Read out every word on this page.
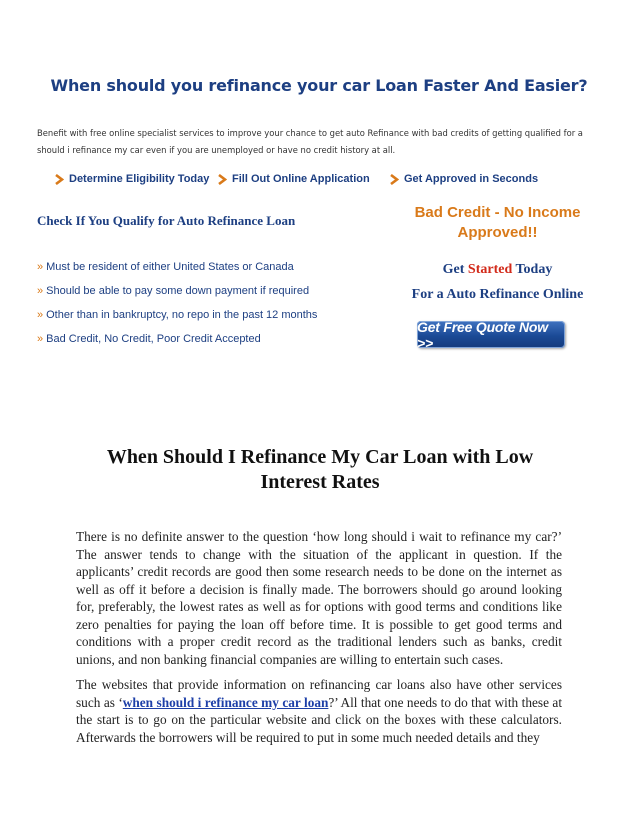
When should you refinance your car Loan Faster And Easier?
Benefit with free online specialist services to improve your chance to get auto Refinance with bad credits of getting qualified for a should i refinance my car even if you are unemployed or have no credit history at all.
Determine Eligibility Today Fill Out Online Application	Get Approved in Seconds
Check If You Qualify for Auto Refinance Loan
» Must be resident of either United States or Canada
» Should be able to pay some down payment if required
» Other than in bankruptcy, no repo in the past 12 months
» Bad Credit, No Credit, Poor Credit Accepted
Bad Credit - No Income
Approved!!
Get Started Today
For a Auto Refinance Online
Get Free Quote Now >>
When Should I Refinance My Car Loan with Low
Interest Rates

There is no definite answer to the question ‘how long should i wait to refinance my car?’ The answer tends to change with the situation of the applicant in question. If the applicants’ credit records are good then some research needs to be done on the internet as well as off it before a decision is finally made. The borrowers should go around looking for, preferably, the lowest rates as well as for options with good terms and conditions like zero penalties for paying the loan off before time. It is possible to get good terms and conditions with a proper credit record as the traditional lenders such as banks, credit unions, and non banking financial companies are willing to entertain such cases.

The websites that provide information on refinancing car loans also have other services such as ‘when should i refinance my car loan?’ All that one needs to do that with these at the start is to go on the particular website and click on the boxes with these calculators. Afterwards the borrowers will be required to put in some much needed details and they
